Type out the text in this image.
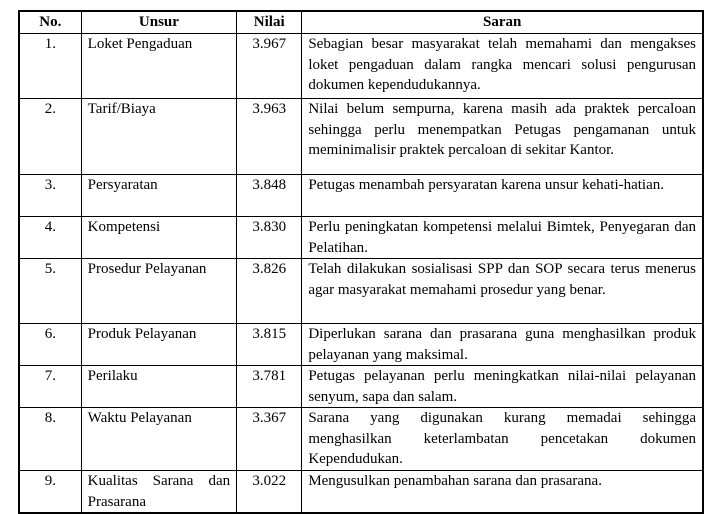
No.	Unsur	Nilai	Saran
1.	Loket Pengaduan	3.967	Sebagian besar masyarakat telah memahami dan mengakses loket pengaduan dalam rangka mencari solusi pengurusan dokumen kependudukannya.
2.	Tarif/Biaya	3.963	Nilai belum sempurna, karena masih ada praktek percaloan sehingga perlu menempatkan Petugas pengamanan untuk meminimalisir praktek percaloan di sekitar Kantor.
3.	Persyaratan	3.848	Petugas menambah persyaratan karena unsur kehati-hatian.
4.	Kompetensi	3.830	Perlu peningkatan kompetensi melalui Bimtek, Penyegaran dan Pelatihan.
5.	Prosedur Pelayanan	3.826	Telah dilakukan sosialisasi SPP dan SOP secara terus menerus agar masyarakat memahami prosedur yang benar.
6.	Produk Pelayanan	3.815	Diperlukan sarana dan prasarana guna menghasilkan produk pelayanan yang maksimal.
7.	Perilaku	3.781	Petugas pelayanan perlu meningkatkan nilai-nilai pelayanan senyum, sapa dan salam.
8.	Waktu Pelayanan	3.367	Sarana yang digunakan kurang memadai sehingga menghasilkan keterlambatan pencetakan dokumen Kependudukan.
9.	Kualitas Sarana dan Prasarana	3.022	Mengusulkan penambahan sarana dan prasarana.
